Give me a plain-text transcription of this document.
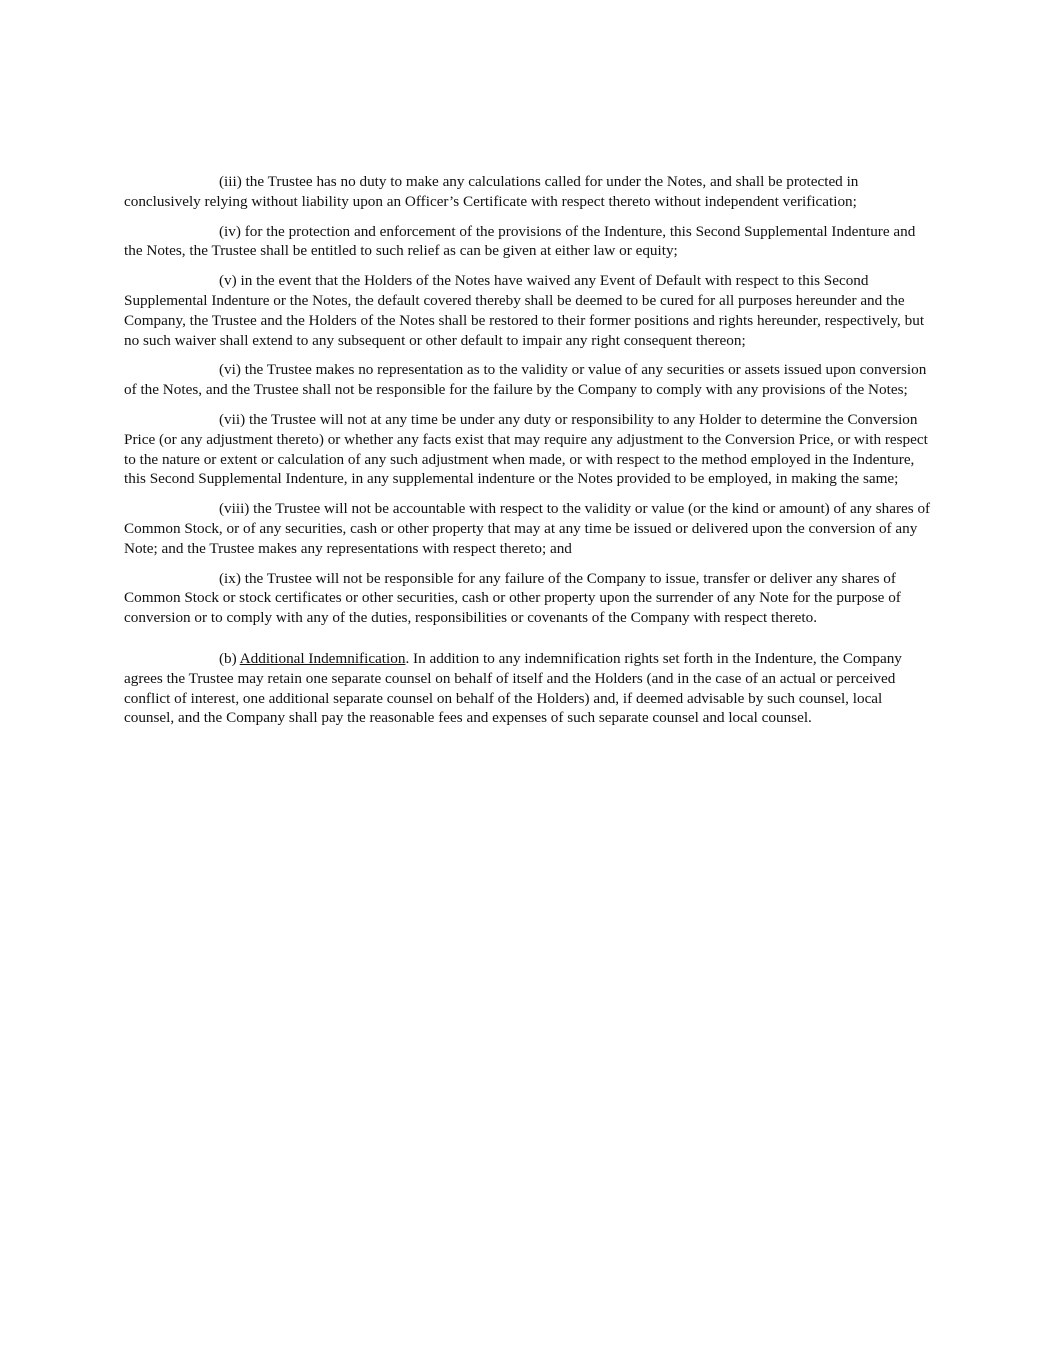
(iii) the Trustee has no duty to make any calculations called for under the Notes, and shall be protected in conclusively relying without liability upon an Officer’s Certificate with respect thereto without independent verification;

(iv) for the protection and enforcement of the provisions of the Indenture, this Second Supplemental Indenture and the Notes, the Trustee shall be entitled to such relief as can be given at either law or equity;

(v) in the event that the Holders of the Notes have waived any Event of Default with respect to this Second Supplemental Indenture or the Notes, the default covered thereby shall be deemed to be cured for all purposes hereunder and the Company, the Trustee and the Holders of the Notes shall be restored to their former positions and rights hereunder, respectively, but no such waiver shall extend to any subsequent or other default to impair any right consequent thereon;

(vi) the Trustee makes no representation as to the validity or value of any securities or assets issued upon conversion of the Notes, and the Trustee shall not be responsible for the failure by the Company to comply with any provisions of the Notes;

(vii) the Trustee will not at any time be under any duty or responsibility to any Holder to determine the Conversion Price (or any adjustment thereto) or whether any facts exist that may require any adjustment to the Conversion Price, or with respect to the nature or extent or calculation of any such adjustment when made, or with respect to the method employed in the Indenture, this Second Supplemental Indenture, in any supplemental indenture or the Notes provided to be employed, in making the same;

(viii) the Trustee will not be accountable with respect to the validity or value (or the kind or amount) of any shares of Common Stock, or of any securities, cash or other property that may at any time be issued or delivered upon the conversion of any Note; and the Trustee makes any representations with respect thereto; and

(ix) the Trustee will not be responsible for any failure of the Company to issue, transfer or deliver any shares of Common Stock or stock certificates or other securities, cash or other property upon the surrender of any Note for the purpose of conversion or to comply with any of the duties, responsibilities or covenants of the Company with respect thereto.

(b) Additional Indemnification. In addition to any indemnification rights set forth in the Indenture, the Company agrees the Trustee may retain one separate counsel on behalf of itself and the Holders (and in the case of an actual or perceived conflict of interest, one additional separate counsel on behalf of the Holders) and, if deemed advisable by such counsel, local counsel, and the Company shall pay the reasonable fees and expenses of such separate counsel and local counsel.
